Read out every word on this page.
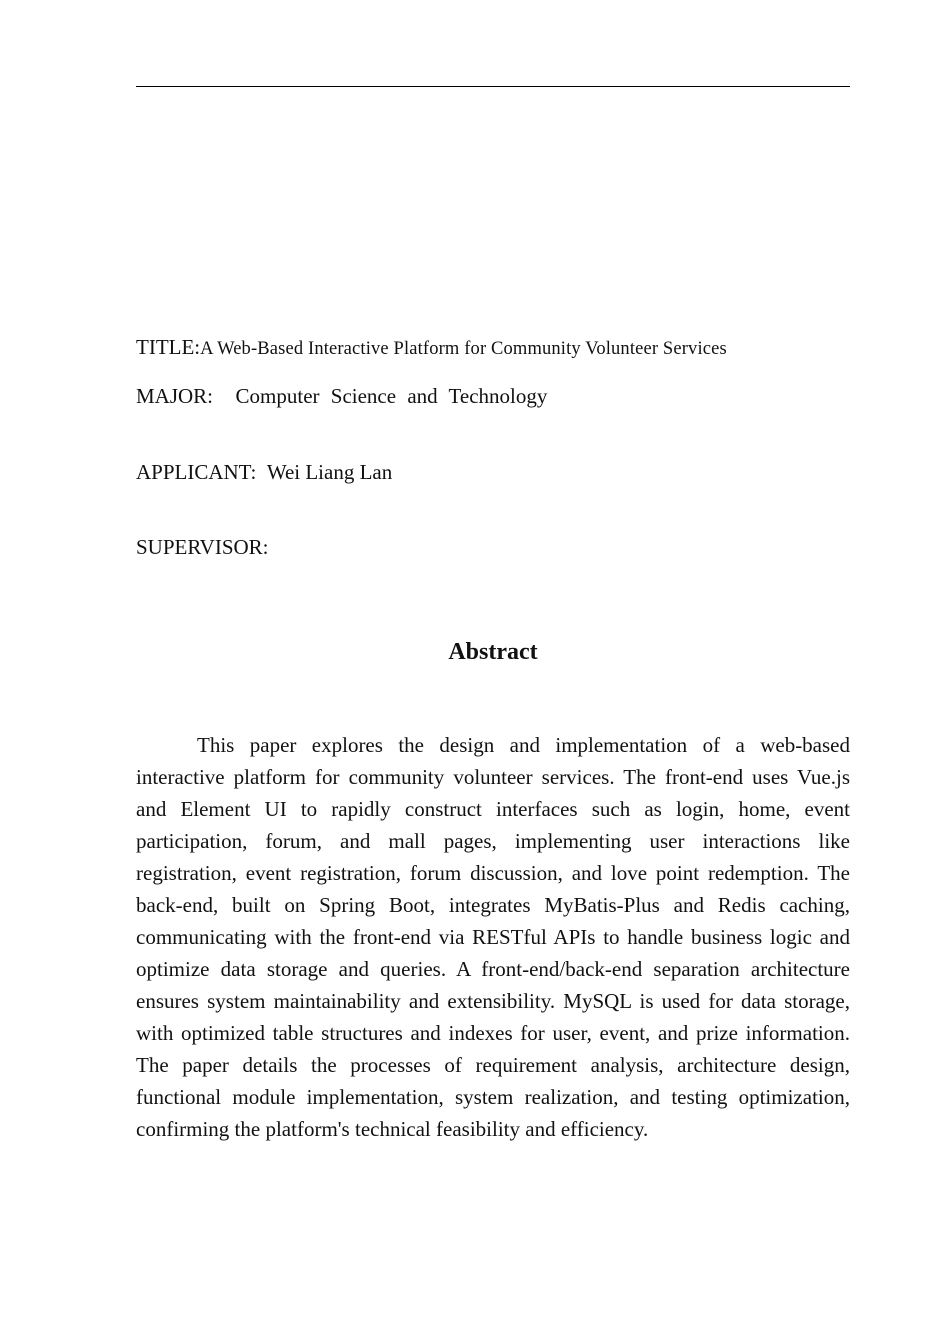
TITLE:A Web-Based Interactive Platform for Community Volunteer Services
MAJOR: Computer Science and Technology
APPLICANT: Wei Liang Lan
SUPERVISOR:
Abstract

This paper explores the design and implementation of a web-based interactive platform for community volunteer services. The front-end uses Vue.js and Element UI to rapidly construct interfaces such as login, home, event participation, forum, and mall pages, implementing user interactions like registration, event registration, forum discussion, and love point redemption. The back-end, built on Spring Boot, integrates MyBatis-Plus and Redis caching, communicating with the front-end via RESTful APIs to handle business logic and optimize data storage and queries. A front-end/back-end separation architecture ensures system maintainability and extensibility. MySQL is used for data storage, with optimized table structures and indexes for user, event, and prize information. The paper details the processes of requirement analysis, architecture design, functional module implementation, system realization, and testing optimization, confirming the platform's technical feasibility and efficiency.
